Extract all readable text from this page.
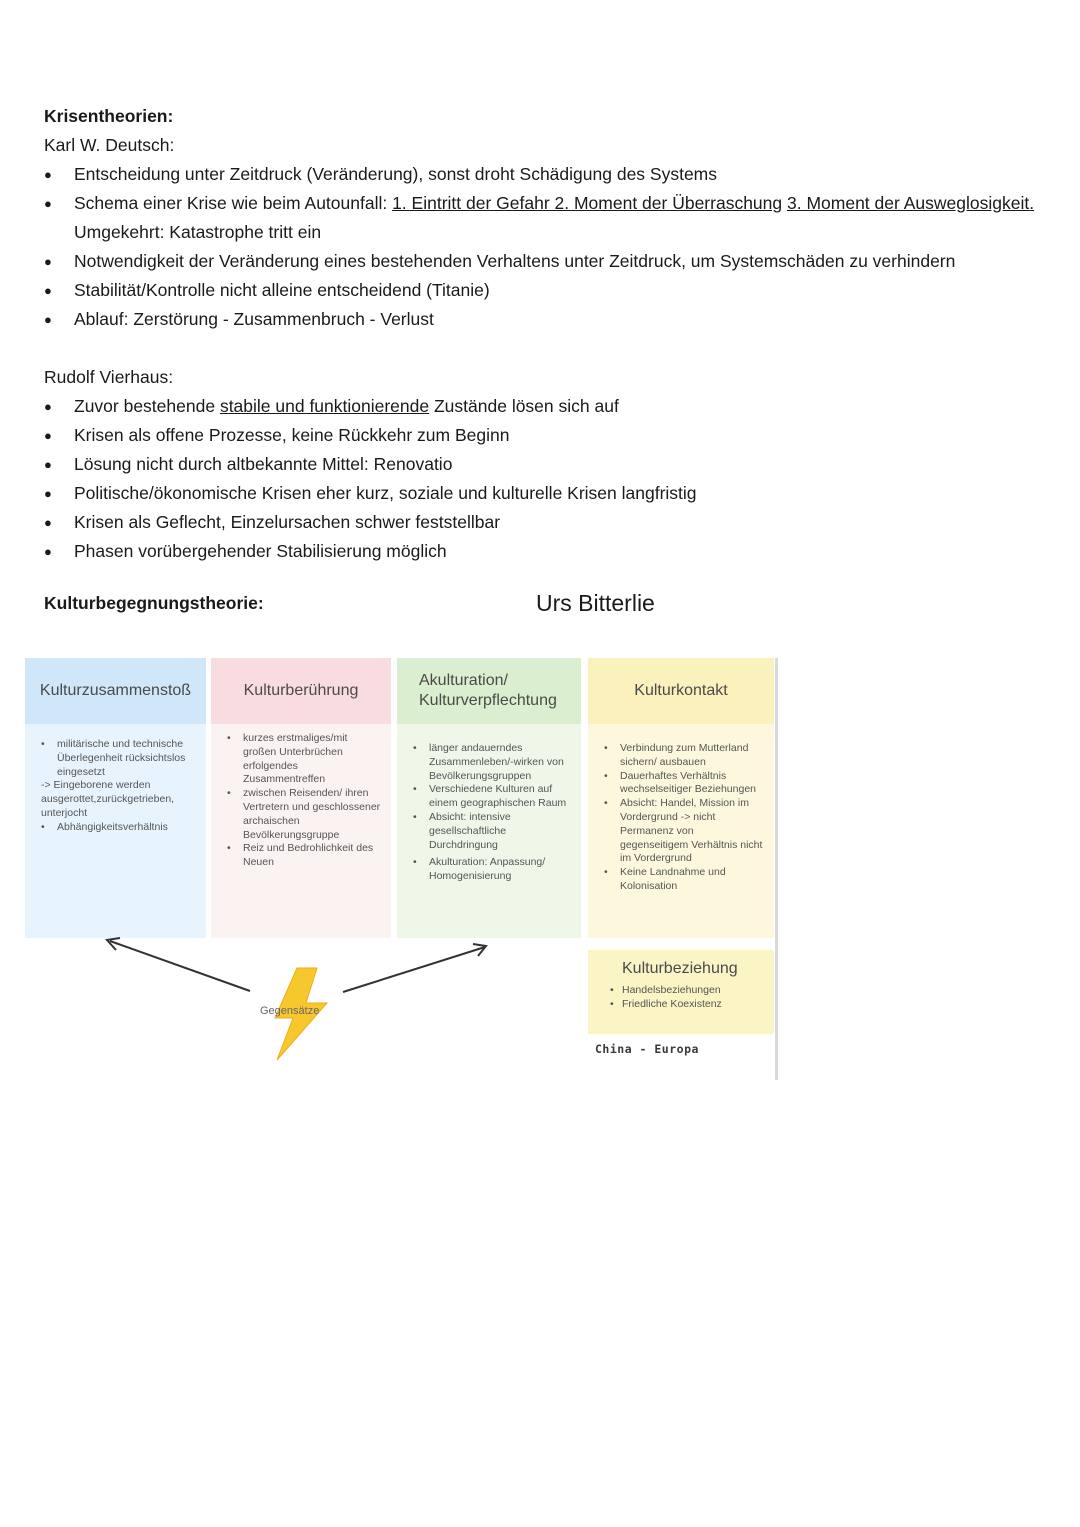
Krisentheorien:
Karl W. Deutsch:
● Entscheidung unter Zeitdruck (Veränderung), sonst droht Schädigung des Systems
● Schema einer Krise wie beim Autounfall: 1. Eintritt der Gefahr 2. Moment der Überraschung 3. Moment der Ausweglosigkeit. Umgekehrt: Katastrophe tritt ein
● Notwendigkeit der Veränderung eines bestehenden Verhaltens unter Zeitdruck, um Systemschäden zu verhindern
● Stabilität/Kontrolle nicht alleine entscheidend (Titanie)
● Ablauf: Zerstörung - Zusammenbruch - Verlust
Rudolf Vierhaus:
● Zuvor bestehende stabile und funktionierende Zustände lösen sich auf
● Krisen als offene Prozesse, keine Rückkehr zum Beginn
● Lösung nicht durch altbekannte Mittel: Renovatio
● Politische/ökonomische Krisen eher kurz, soziale und kulturelle Krisen langfristig
● Krisen als Geflecht, Einzelursachen schwer feststellbar
● Phasen vorübergehender Stabilisierung möglich
Kulturbegegnungstheorie:	Urs Bitterlie
Kulturzusammenstoß
• militärische und technische Überlegenheit rücksichtslos eingesetzt
-> Eingeborene werden ausgerottet,zurückgetrieben, unterjocht
• Abhängigkeitsverhältnis
Kulturberührung
• kurzes erstmaliges/mit großen Unterbrüchen erfolgendes Zusammentreffen
• zwischen Reisenden/ ihren Vertretern und geschlossener archaischen Bevölkerungsgruppe
• Reiz und Bedrohlichkeit des Neuen
Akulturation/
Kulturverpflechtung
• länger andauerndes Zusammenleben/-wirken von Bevölkerungsgruppen
• Verschiedene Kulturen auf einem geographischen Raum
• Absicht: intensive gesellschaftliche Durchdringung
• Akulturation: Anpassung/ Homogenisierung
Kulturkontakt
• Verbindung zum Mutterland sichern/ ausbauen
• Dauerhaftes Verhältnis wechselseitiger Beziehungen
• Absicht: Handel, Mission im Vordergrund -> nicht Permanenz von gegenseitigem Verhältnis nicht im Vordergrund
• Keine Landnahme und Kolonisation
Kulturbeziehung
• Handelsbeziehungen
• Friedliche Koexistenz
Gegensätze
China - Europa
